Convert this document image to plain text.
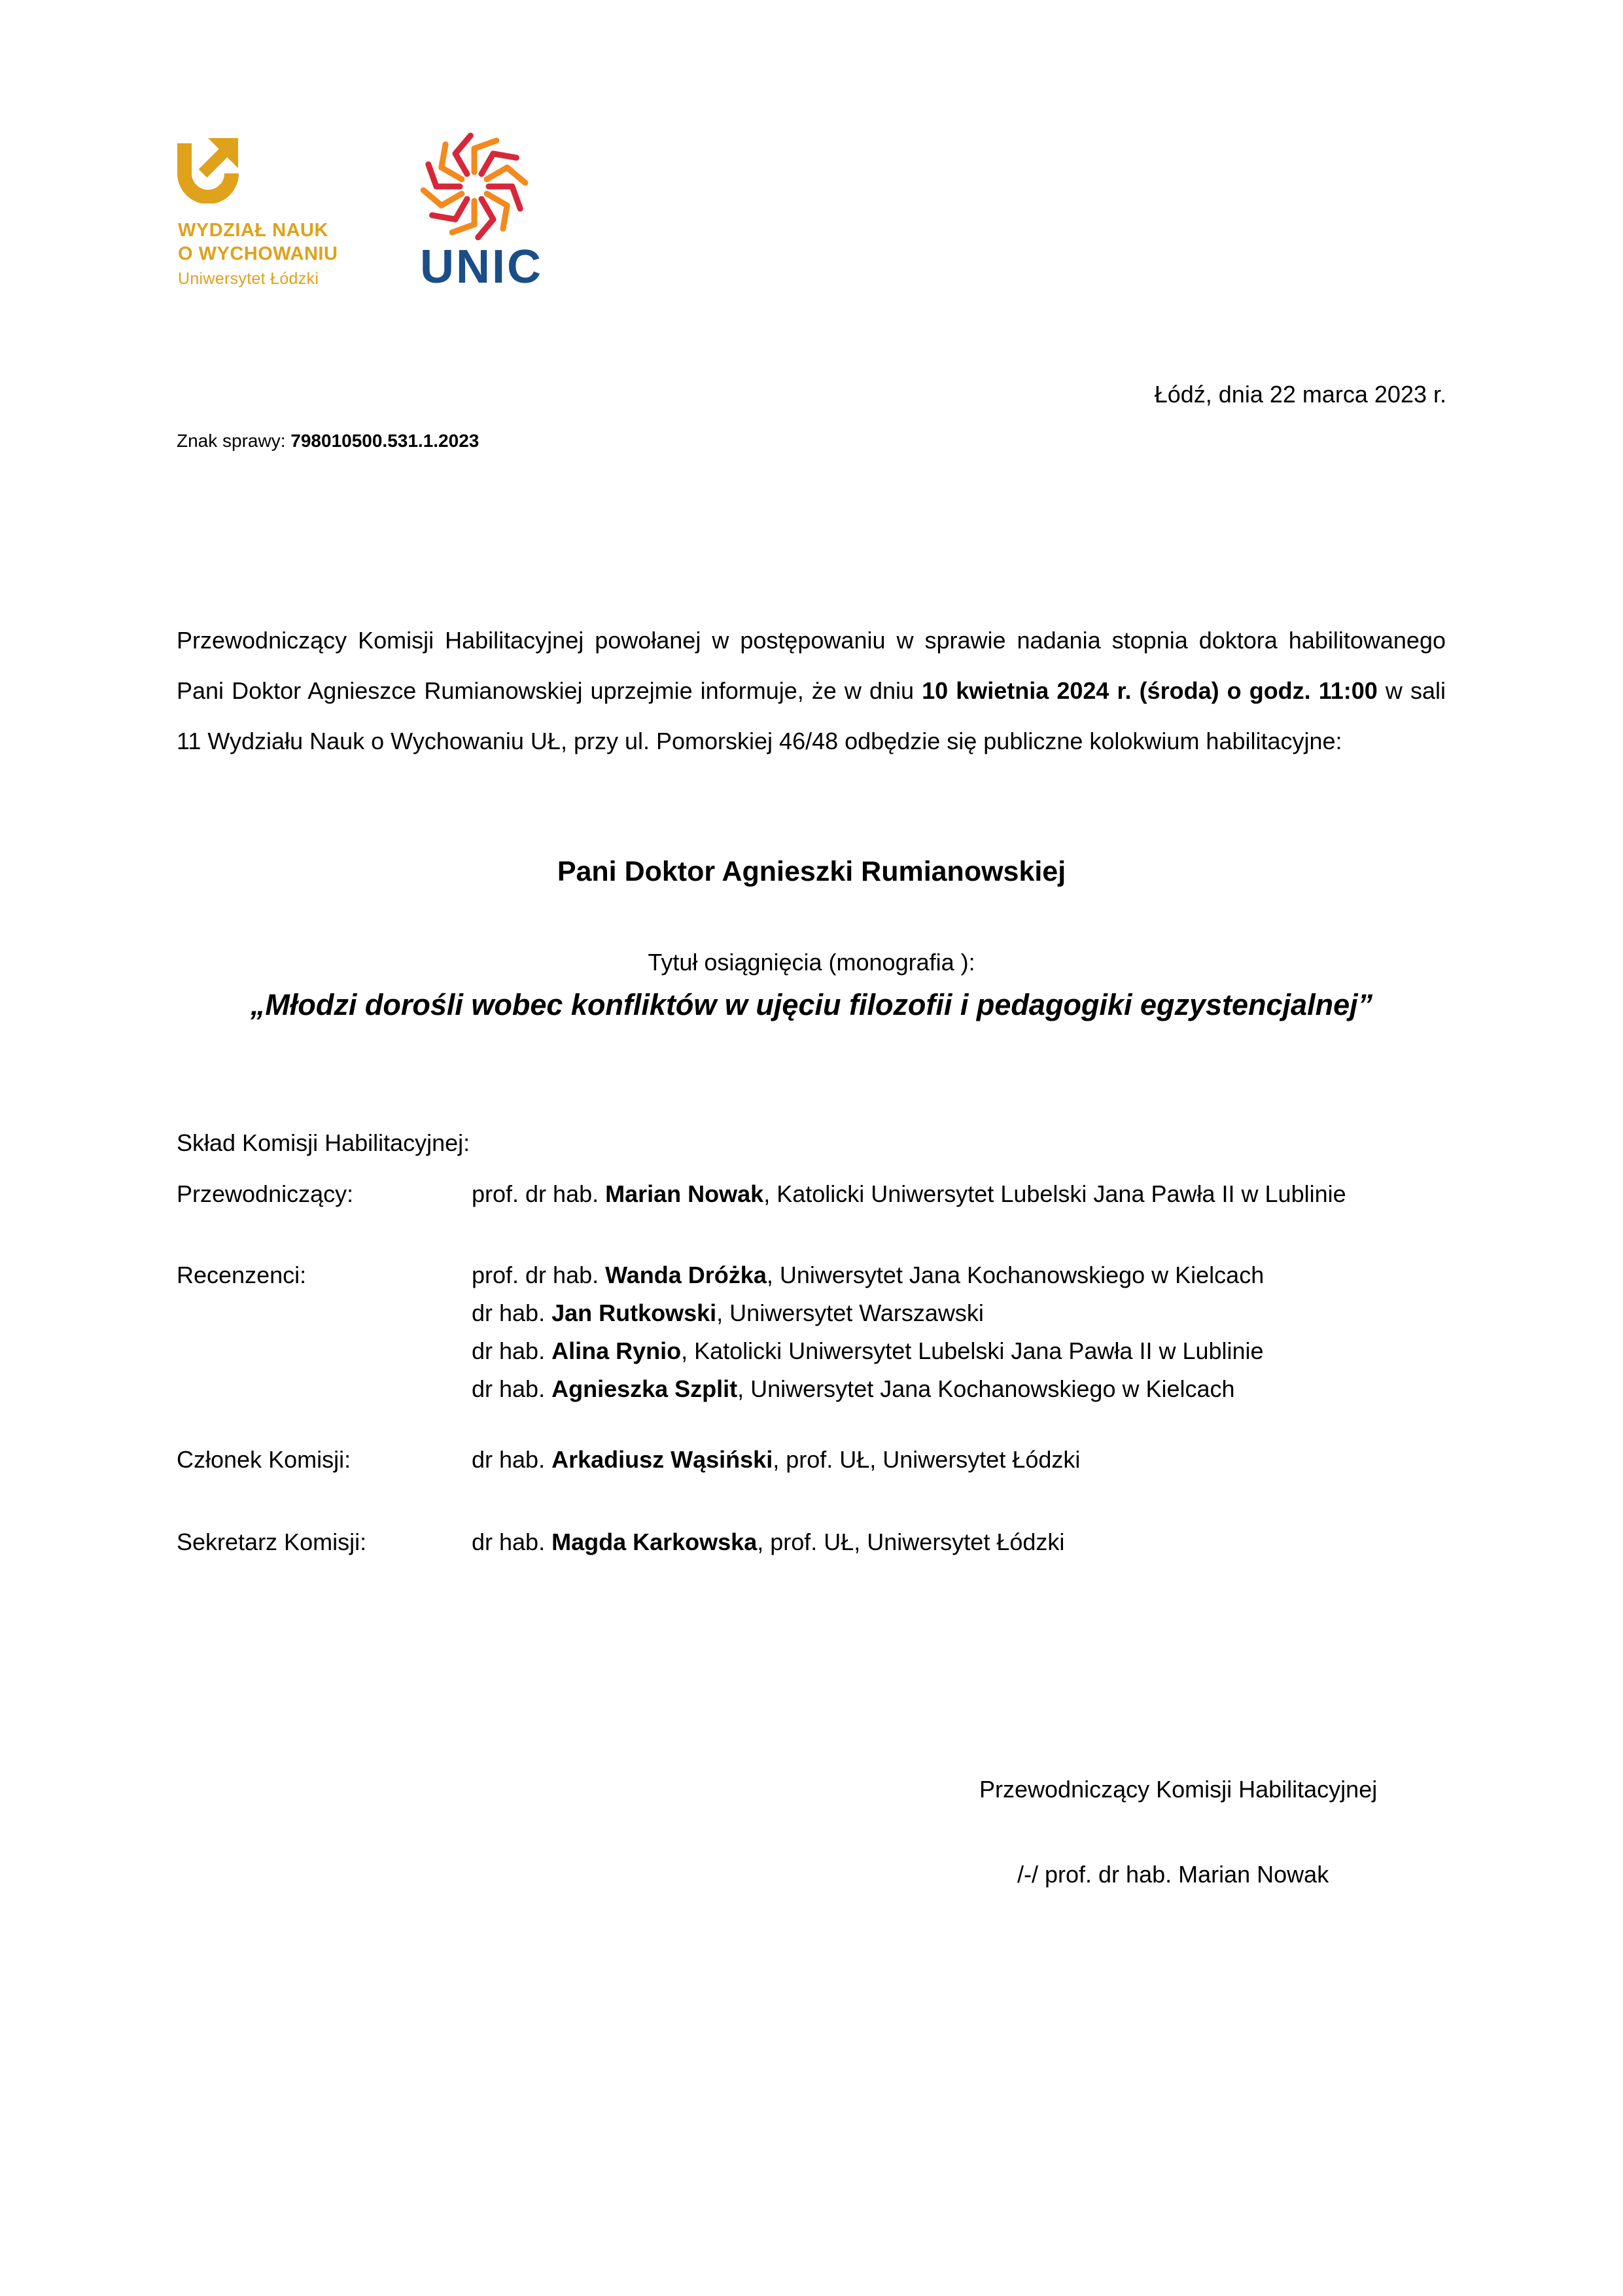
WYDZIAŁ NAUK
O WYCHOWANIU
Uniwersytet Łódzki UNIC
Łódź, dnia 22 marca 2023 r.
Znak sprawy: 798010500.531.1.2023

Przewodniczący Komisji Habilitacyjnej powołanej w postępowaniu w sprawie nadania stopnia doktora habilitowanego Pani Doktor Agnieszce Rumianowskiej uprzejmie informuje, że w dniu 10 kwietnia 2024 r. (środa) o godz. 11:00 w sali 11 Wydziału Nauk o Wychowaniu UŁ, przy ul. Pomorskiej 46/48 odbędzie się publiczne kolokwium habilitacyjne:

Pani Doktor Agnieszki Rumianowskiej
Tytuł osiągnięcia (monografia ):
„Młodzi dorośli wobec konfliktów w ujęciu filozofii i pedagogiki egzystencjalnej”
Skład Komisji Habilitacyjnej:
Przewodniczący:	prof. dr hab. Marian Nowak, Katolicki Uniwersytet Lubelski Jana Pawła II w Lublinie
Recenzenci:	prof. dr hab. Wanda Dróżka, Uniwersytet Jana Kochanowskiego w Kielcach
dr hab. Jan Rutkowski, Uniwersytet Warszawski
dr hab. Alina Rynio, Katolicki Uniwersytet Lubelski Jana Pawła II w Lublinie
dr hab. Agnieszka Szplit, Uniwersytet Jana Kochanowskiego w Kielcach
Członek Komisji:	dr hab. Arkadiusz Wąsiński, prof. UŁ, Uniwersytet Łódzki
Sekretarz Komisji:	dr hab. Magda Karkowska, prof. UŁ, Uniwersytet Łódzki
Przewodniczący Komisji Habilitacyjnej
/-/ prof. dr hab. Marian Nowak
